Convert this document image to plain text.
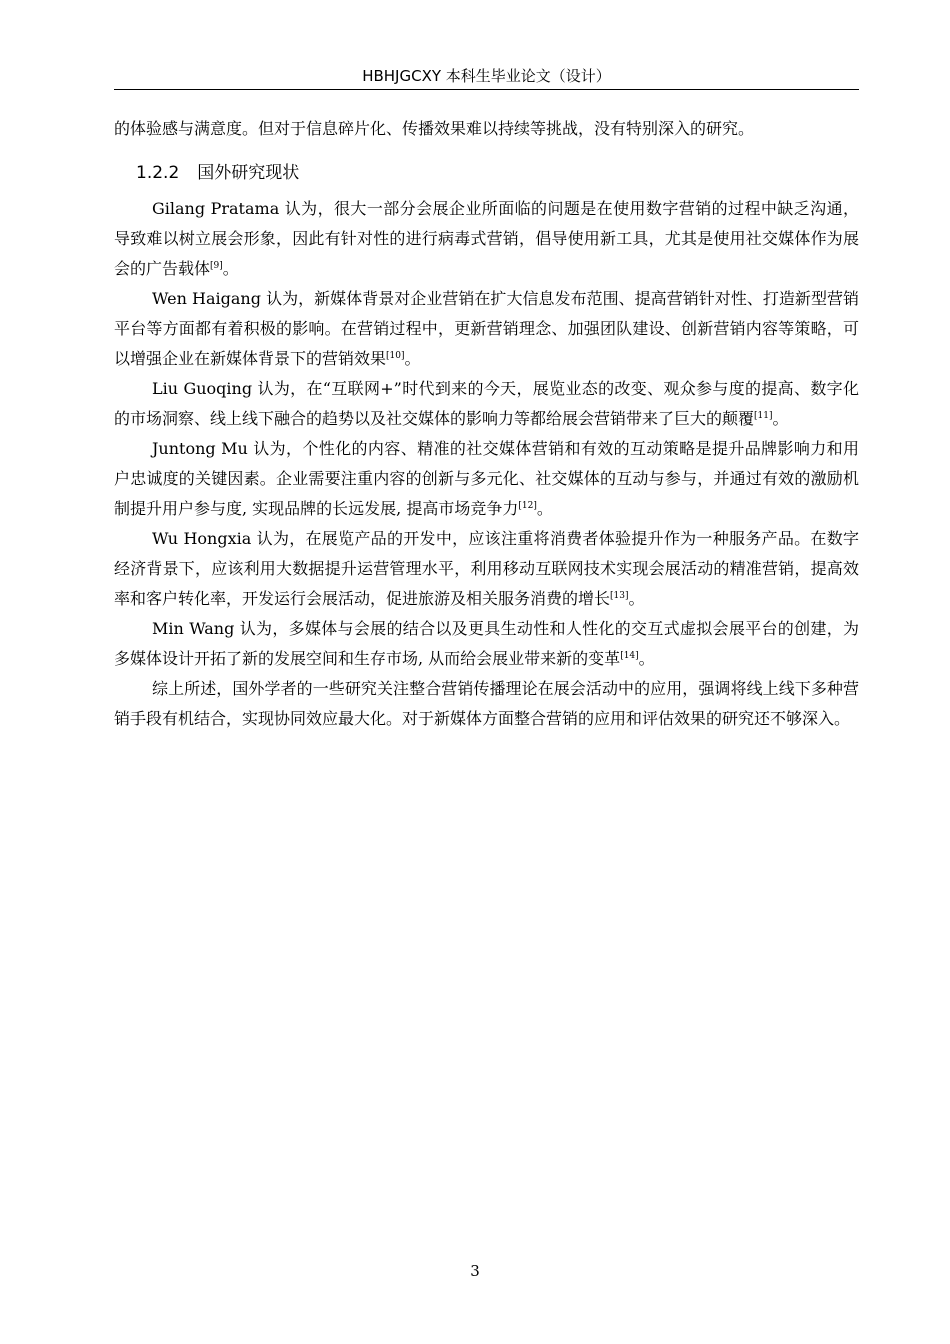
HBHJGCXY 本科生毕业论文（设计）

的体验感与满意度。但对于信息碎片化、传播效果难以持续等挑战，没有特别深入的研究。

1.2.2 国外研究现状

Gilang Pratama 认为，很大一部分会展企业所面临的问题是在使用数字营销的过程中缺乏沟通，导致难以树立展会形象，因此有针对性的进行病毒式营销，倡导使用新工具，尤其是使用社交媒体作为展会的广告载体[9]。

Wen Haigang 认为，新媒体背景对企业营销在扩大信息发布范围、提高营销针对性、打造新型营销平台等方面都有着积极的影响。在营销过程中，更新营销理念、加强团队建设、创新营销内容等策略，可以增强企业在新媒体背景下的营销效果[10]。

Liu Guoqing 认为，在“互联网+”时代到来的今天，展览业态的改变、观众参与度的提高、数字化的市场洞察、线上线下融合的趋势以及社交媒体的影响力等都给展会营销带来了巨大的颠覆[11]。

Juntong Mu 认为，个性化的内容、精准的社交媒体营销和有效的互动策略是提升品牌影响力和用户忠诚度的关键因素。企业需要注重内容的创新与多元化、社交媒体的互动与参与，并通过有效的激励机制提升用户参与度, 实现品牌的长远发展, 提高市场竞争力[12]。

Wu Hongxia 认为，在展览产品的开发中，应该注重将消费者体验提升作为一种服务产品。在数字经济背景下，应该利用大数据提升运营管理水平，利用移动互联网技术实现会展活动的精准营销，提高效率和客户转化率，开发运行会展活动，促进旅游及相关服务消费的增长[13]。

Min Wang 认为，多媒体与会展的结合以及更具生动性和人性化的交互式虚拟会展平台的创建，为多媒体设计开拓了新的发展空间和生存市场, 从而给会展业带来新的变革[14]。

综上所述，国外学者的一些研究关注整合营销传播理论在展会活动中的应用，强调将线上线下多种营销手段有机结合，实现协同效应最大化。对于新媒体方面整合营销的应用和评估效果的研究还不够深入。

3
